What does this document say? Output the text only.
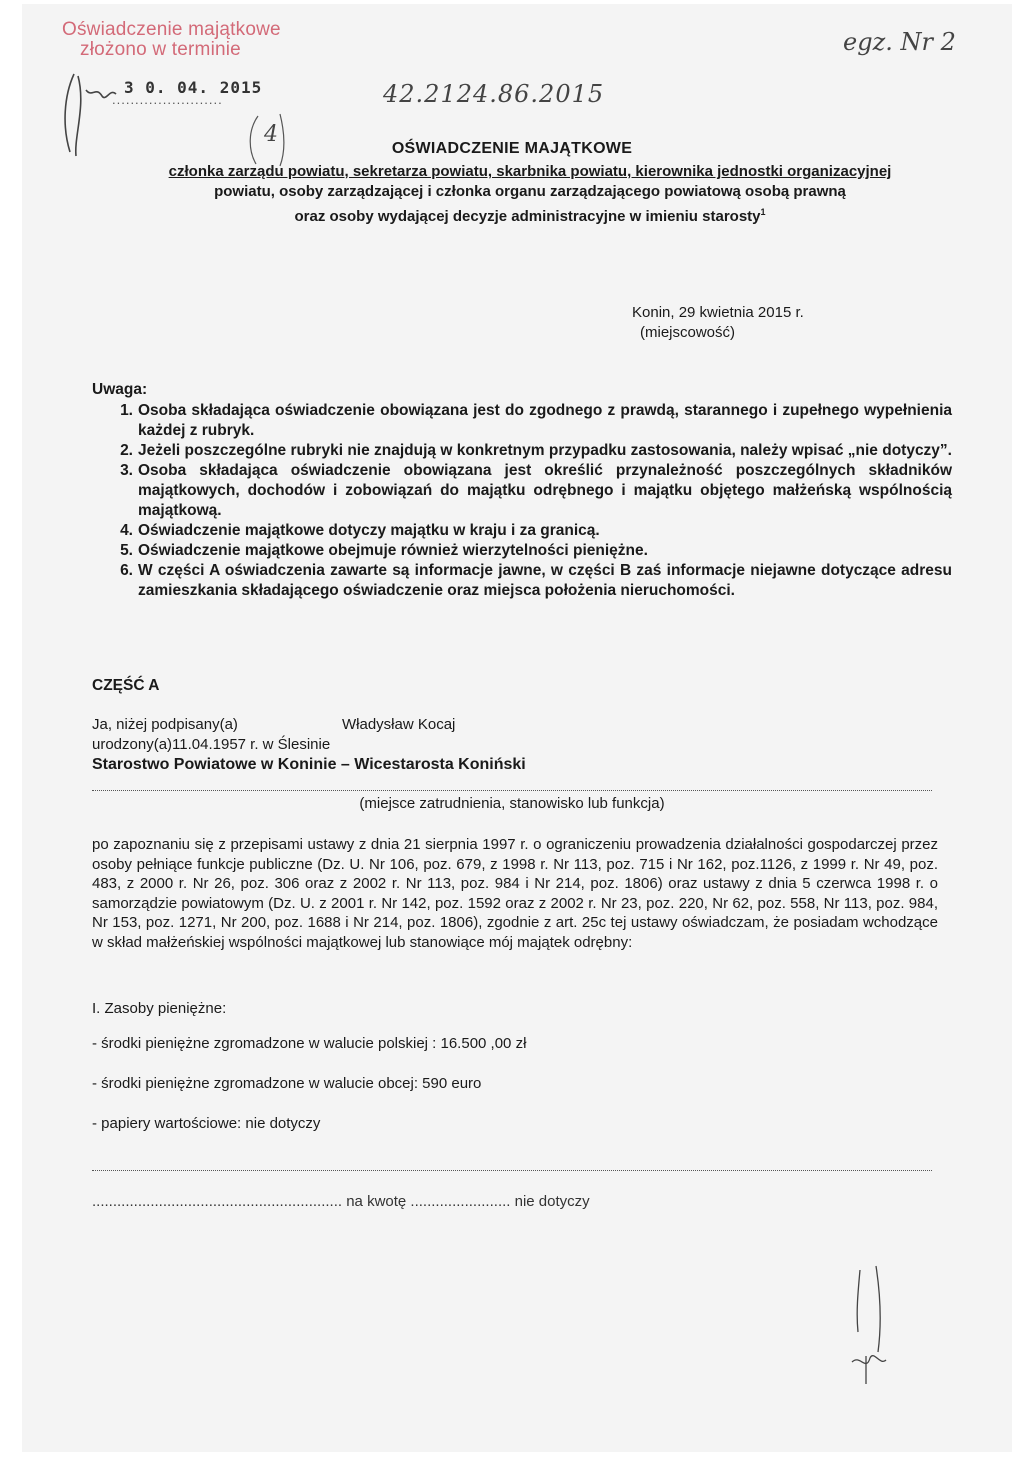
Oświadczenie majątkowe
złożono w terminie
3 0. 04. 2015
........................	42.2124.86.2015
egz. Nr 2
4
OŚWIADCZENIE MAJĄTKOWE
członka zarządu powiatu, sekretarza powiatu, skarbnika powiatu, kierownika jednostki organizacyjnej
powiatu, osoby zarządzającej i członka organu zarządzającego powiatową osobą prawną
oraz osoby wydającej decyzje administracyjne w imieniu starosty$^1$
Konin, 29 kwietnia 2015 r.
(miejscowość)
Uwaga:
1. Osoba składająca oświadczenie obowiązana jest do zgodnego z prawdą, starannego i zupełnego wypełnienia każdej z rubryk.
2. Jeżeli poszczególne rubryki nie znajdują w konkretnym przypadku zastosowania, należy wpisać „nie dotyczy”.
3. Osoba składająca oświadczenie obowiązana jest określić przynależność poszczególnych składników majątkowych, dochodów i zobowiązań do majątku odrębnego i majątku objętego małżeńską wspólnością majątkową.
4. Oświadczenie majątkowe dotyczy majątku w kraju i za granicą.
5. Oświadczenie majątkowe obejmuje również wierzytelności pieniężne.
6. W części A oświadczenia zawarte są informacje jawne, w części B zaś informacje niejawne dotyczące adresu zamieszkania składającego oświadczenie oraz miejsca położenia nieruchomości.
CZĘŚĆ A
Ja, niżej podpisany(a)	Władysław Kocaj
urodzony(a)11.04.1957 r. w Ślesinie
Starostwo Powiatowe w Koninie – Wicestarosta Koniński
(miejsce zatrudnienia, stanowisko lub funkcja)
po zapoznaniu się z przepisami ustawy z dnia 21 sierpnia 1997 r. o ograniczeniu prowadzenia działalności gospodarczej przez osoby pełniące funkcje publiczne (Dz. U. Nr 106, poz. 679, z 1998 r. Nr 113, poz. 715 i Nr 162, poz.1126, z 1999 r. Nr 49, poz. 483, z 2000 r. Nr 26, poz. 306 oraz z 2002 r. Nr 113, poz. 984 i Nr 214, poz. 1806) oraz ustawy z dnia 5 czerwca 1998 r. o samorządzie powiatowym (Dz. U. z 2001 r. Nr 142, poz. 1592 oraz z 2002 r. Nr 23, poz. 220, Nr 62, poz. 558, Nr 113, poz. 984, Nr 153, poz. 1271, Nr 200, poz. 1688 i Nr 214, poz. 1806), zgodnie z art. 25c tej ustawy oświadczam, że posiadam wchodzące w skład małżeńskiej wspólności majątkowej lub stanowiące mój majątek odrębny:
I. Zasoby pieniężne:
- środki pieniężne zgromadzone w walucie polskiej : 16.500 ,00 zł
- środki pieniężne zgromadzone w walucie obcej: 590 euro
- papiery wartościowe: nie dotyczy
............................................................ na kwotę ........................ nie dotyczy
